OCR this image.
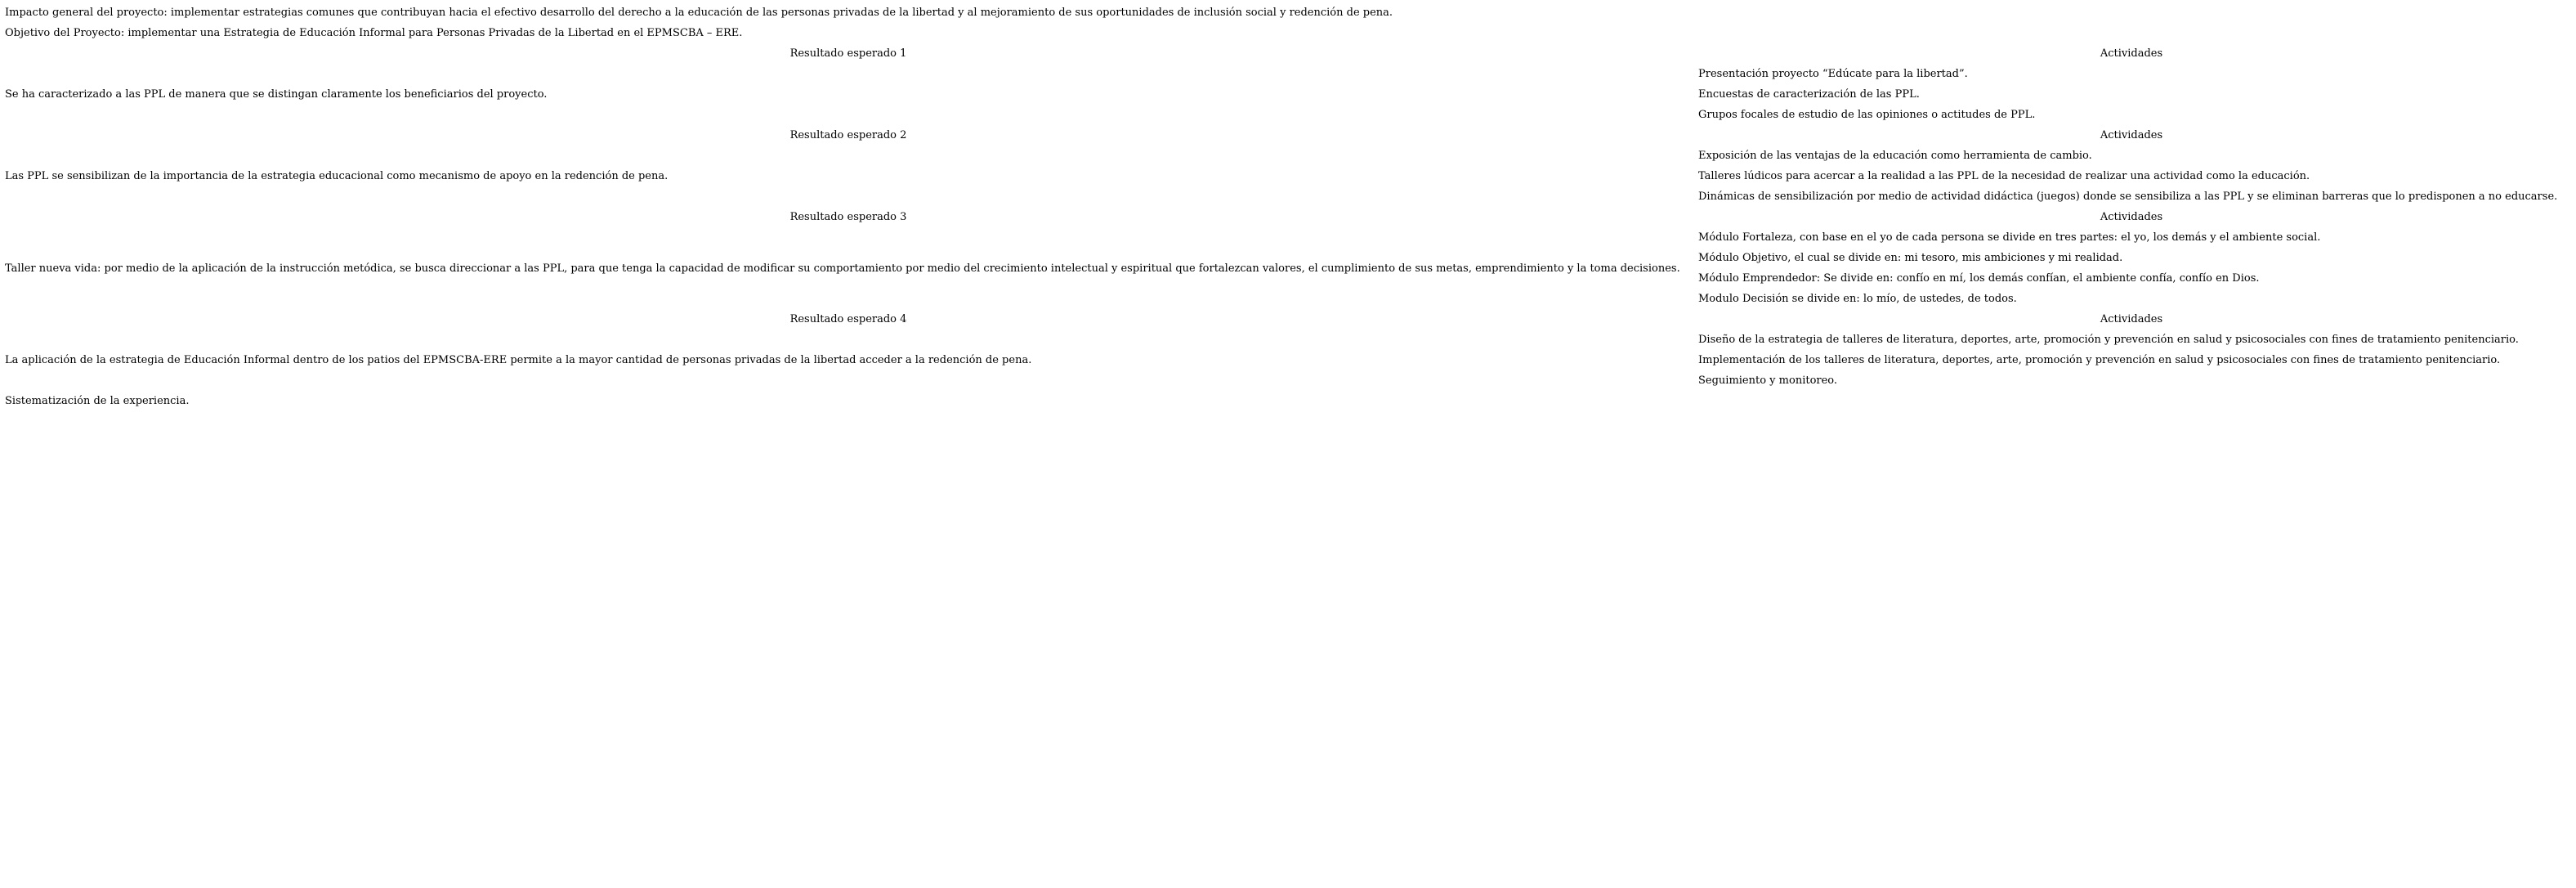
Impacto general del proyecto: implementar estrategias comunes que contribuyan hacia el efectivo desarrollo del derecho a la educación de las personas privadas de la libertad y al mejoramiento de sus oportunidades de inclusión social y redención de pena.	
Objetivo del Proyecto: implementar una Estrategia de Educación Informal para Personas Privadas de la Libertad en el EPMSCBA – ERE.	
Resultado esperado 1	Actividades
Se ha caracterizado a las PPL de manera que se distingan claramente los beneficiarios del proyecto.	Presentación proyecto “Edúcate para la libertad”.
	Encuestas de caracterización de las PPL.
	Grupos focales de estudio de las opiniones o actitudes de PPL.
Resultado esperado 2	Actividades
Las PPL se sensibilizan de la importancia de la estrategia educacional como mecanismo de apoyo en la redención de pena.	Exposición de las ventajas de la educación como herramienta de cambio.
	Talleres lúdicos para acercar a la realidad a las PPL de la necesidad de realizar una actividad como la educación.
	Dinámicas de sensibilización por medio de actividad didáctica (juegos) donde se sensibiliza a las PPL y se eliminan barreras que lo predisponen a no educarse.
Resultado esperado 3	Actividades
Taller nueva vida: por medio de la aplicación de la instrucción metódica, se busca direccionar a las PPL, para que tenga la capacidad de modificar su comportamiento por medio del crecimiento intelectual y espiritual que fortalezcan valores, el cumplimiento de sus metas, emprendimiento y la toma decisiones.	Módulo Fortaleza, con base en el yo de cada persona se divide en tres partes: el yo, los demás y el ambiente social.
	Módulo Objetivo, el cual se divide en: mi tesoro, mis ambiciones y mi realidad.
	Módulo Emprendedor: Se divide en: confío en mí, los demás confían, el ambiente confía, confío en Dios.
	Modulo Decisión se divide en: lo mío, de ustedes, de todos.
Resultado esperado 4	Actividades
La aplicación de la estrategia de Educación Informal dentro de los patios del EPMSCBA-ERE permite a la mayor cantidad de personas privadas de la libertad acceder a la redención de pena.	Diseño de la estrategia de talleres de literatura, deportes, arte, promoción y prevención en salud y psicosociales con fines de tratamiento penitenciario.
	Implementación de los talleres de literatura, deportes, arte, promoción y prevención en salud y psicosociales con fines de tratamiento penitenciario.
	Seguimiento y monitoreo.
Sistematización de la experiencia.	
